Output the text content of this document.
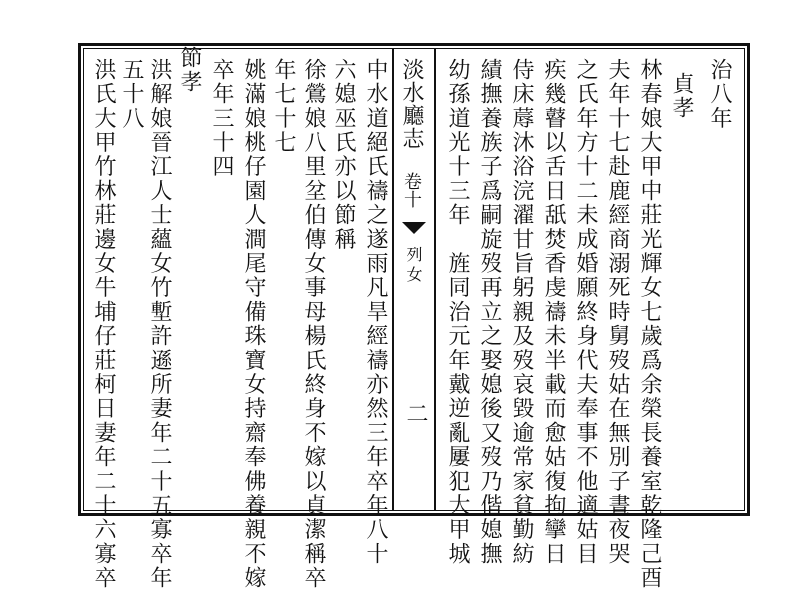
淡水廳志
卷十
列女
二
治八年
貞孝
林春娘大甲中莊光輝女七歲爲余榮長養室乾隆己酉
夫年十七赴鹿經商溺死時舅歿姑在無別子晝夜哭
之氏年方十二未成婚願終身代夫奉事不他適姑目
疾幾瞽以舌日舐焚香虔禱未半載而愈姑復拘攣日
侍床蓐沐浴浣濯甘旨躬親及歿哀毀逾常家貧勤紡
績撫養族子爲嗣旋歿再立之娶媳後又歿乃偕媳撫
幼孫道光十三年　旌同治元年戴逆亂屢犯大甲城
中水道絕氏禱之遂雨凡旱經禱亦然三年卒年八十
六媳巫氏亦以節稱
徐鶯娘八里坌伯傳女事母楊氏終身不嫁以貞潔稱卒
年七十七
姚滿娘桃仔園人澗尾守備珠寶女持齋奉佛養親不嫁
卒年三十四
節孝
洪解娘晉江人士蘊女竹塹許遜所妻年二十五寡卒年
五十八
洪氏大甲竹林莊邊女牛埔仔莊柯日妻年二十六寡卒
